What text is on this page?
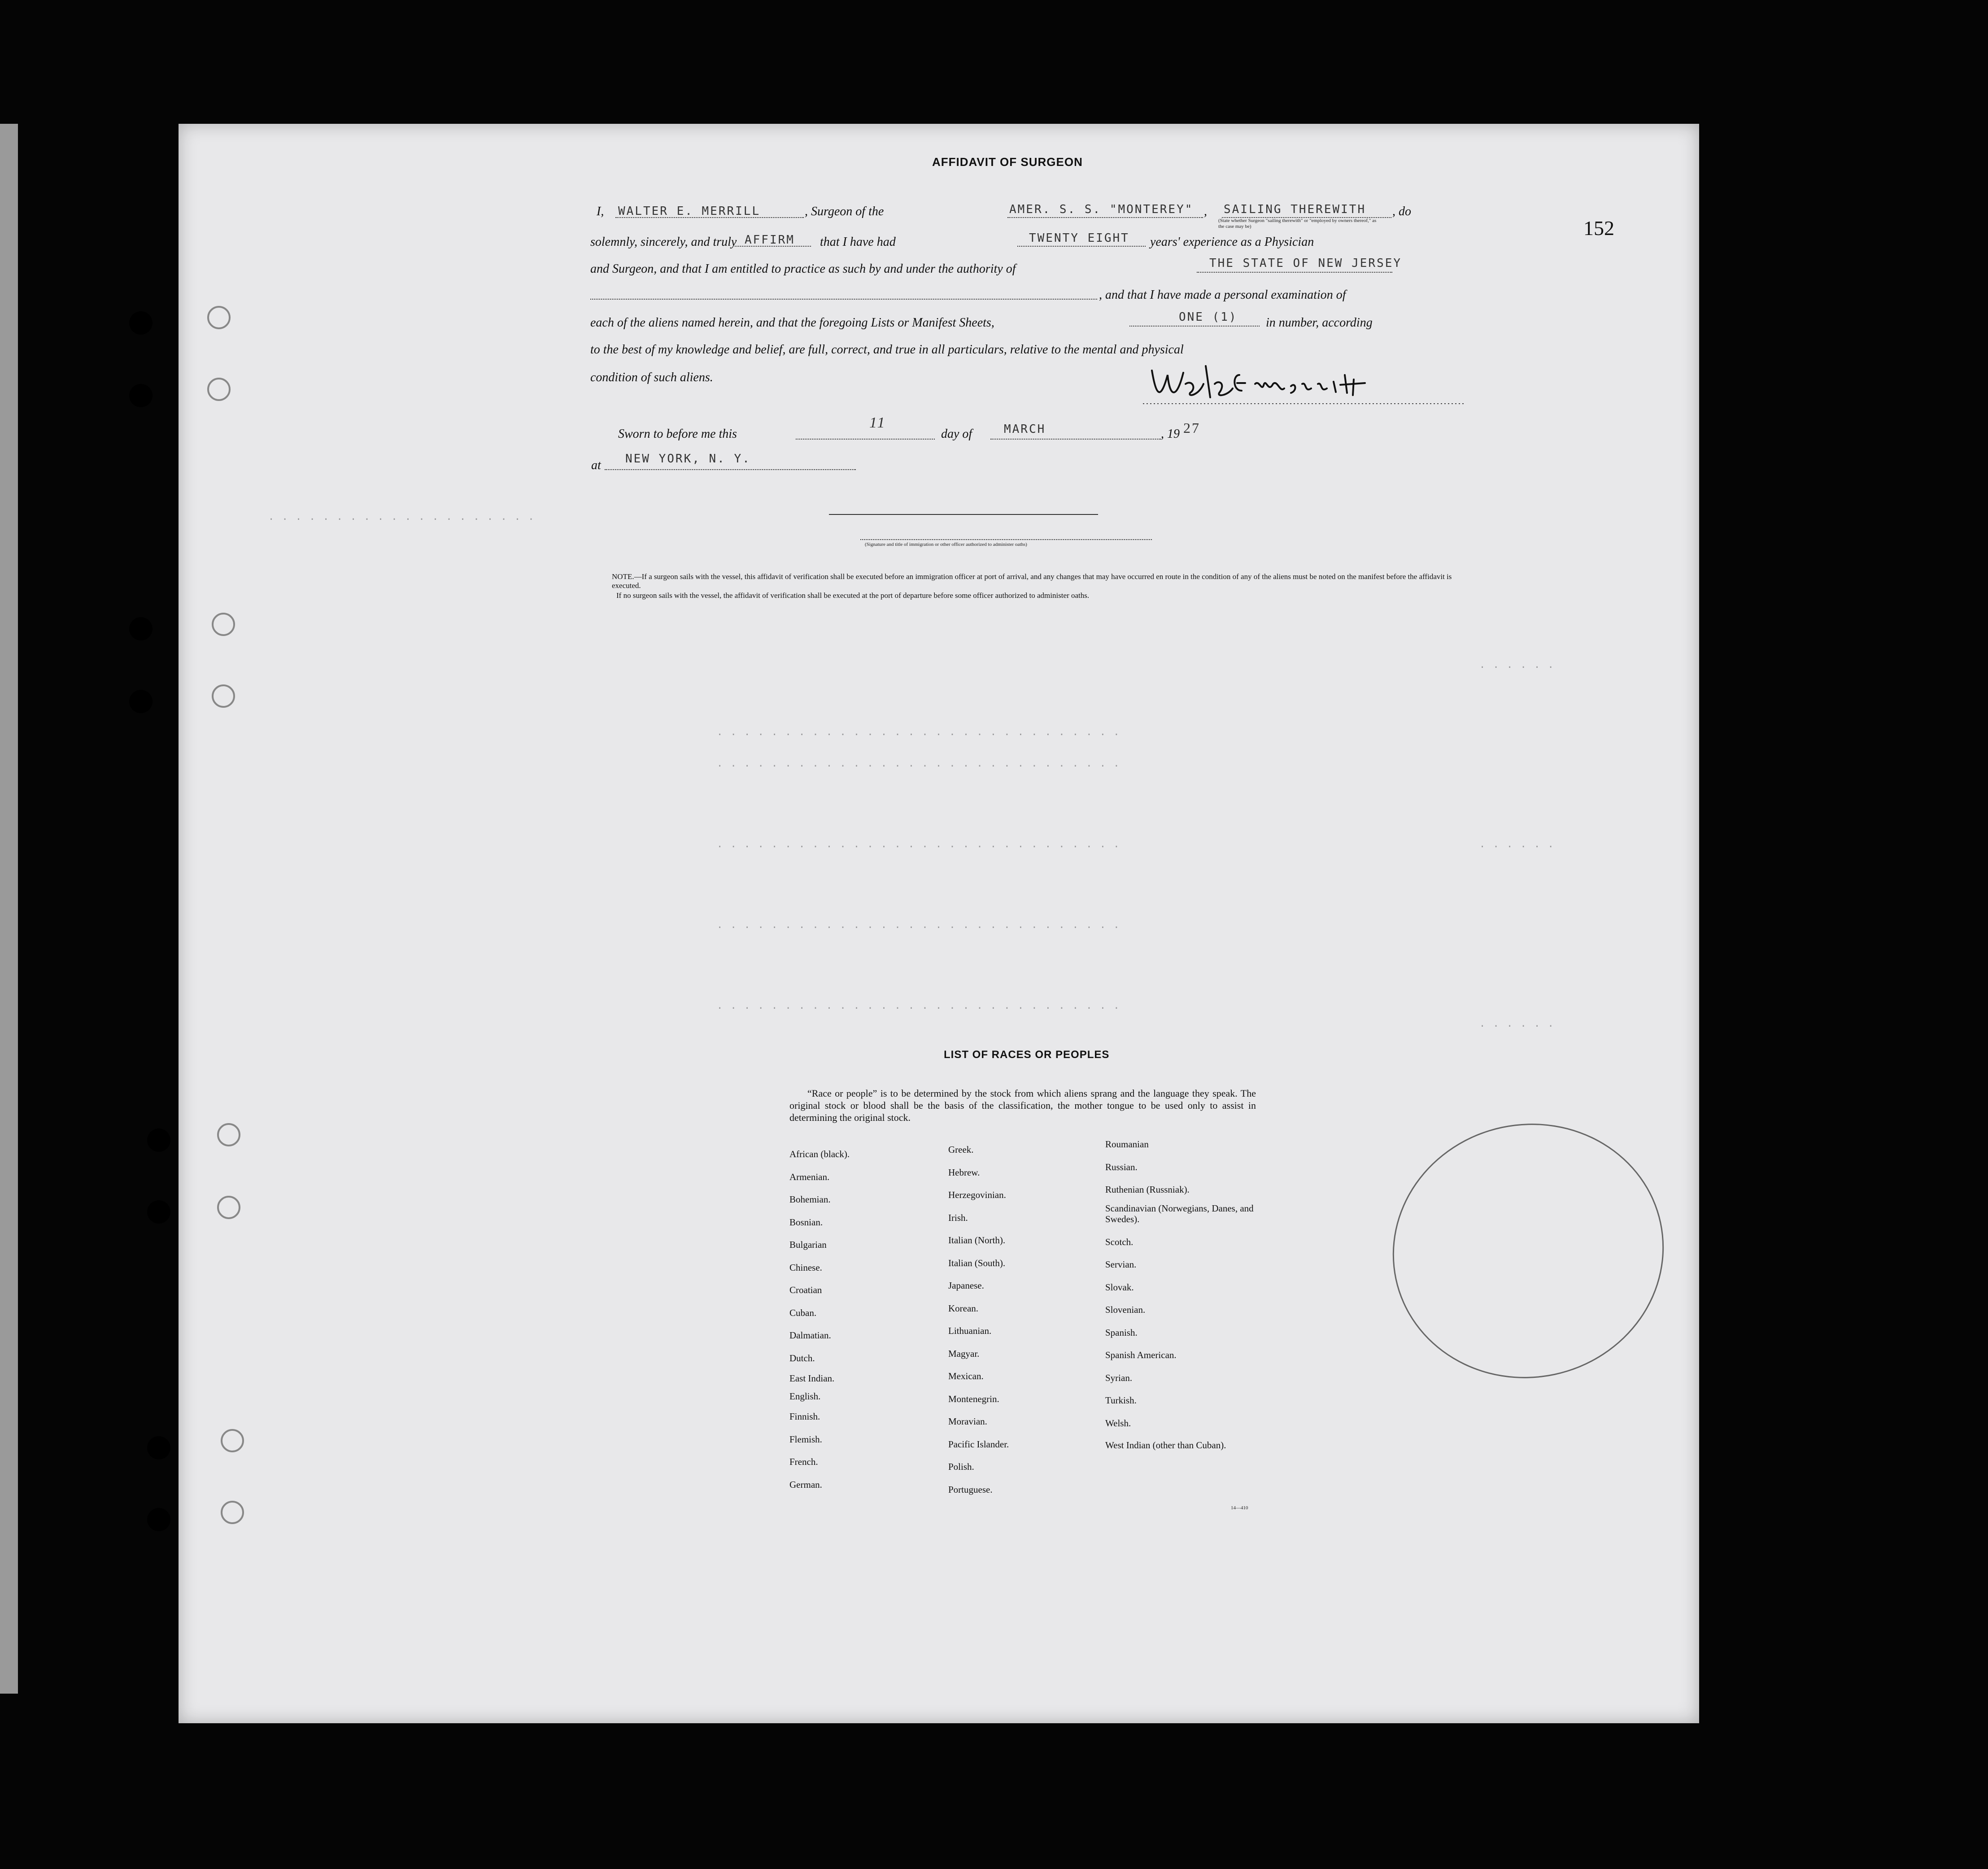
· · · · · · · · · · · · · · · · · · · ·
· · · · · · · · · · · · · · · · · · · · · · · · · · · · · ·
· · · · · · · · · · · · · · · · · · · · · · · · · · · · · ·
· · · · · · · · · · · · · · · · · · · · · · · · · · · · · ·
· · · · · · · · · · · · · · · · · · · · · · · · · · · · · ·
· · · · · · · · · · · · · · · · · · · · · · · · · · · · · ·
· · · · · ·
· · · · · ·
· · · · · ·
152
AFFIDAVIT OF SURGEON
I, WALTER E. MERRILL	, Surgeon of the	AMER. S. S. "MONTEREY" , SAILING THEREWITH , do
(State whether Surgeon "sailing therewith" or "employed by owners thereof," as the case may be)
solemnly, sincerely, and truly AFFIRM that I have had	TWENTY EIGHT years' experience as a Physician
and Surgeon, and that I am entitled to practice as such by and under the authority of	THE STATE OF NEW JERSEY
, and that I have made a personal examination of
each of the aliens named herein, and that the foregoing Lists or Manifest Sheets,	ONE (1) in number, according
to the best of my knowledge and belief, are full, correct, and true in all particulars, relative to the mental and physical
condition of such aliens.
Sworn to before me this
11
day of	MARCH	, 19 27
at NEW YORK, N. Y.
(Signature and title of immigration or other officer authorized to administer oaths)
NOTE.—If a surgeon sails with the vessel, this affidavit of verification shall be executed before an immigration officer at port of arrival, and any changes that may have occurred en route in the condition of any of the aliens must be noted on the manifest before the affidavit is executed.
If no surgeon sails with the vessel, the affidavit of verification shall be executed at the port of departure before some officer authorized to administer oaths.
LIST OF RACES OR PEOPLES
“Race or people” is to be determined by the stock from which aliens sprang and the language they speak. The original stock or blood shall be the basis of the classification, the mother tongue to be used only to assist in determining the original stock.
African (black).
Armenian.
Bohemian.
Bosnian.
Bulgarian
Chinese.
Croatian
Cuban.
Dalmatian.
Dutch.
East Indian.
English.
Finnish.
Flemish.
French.
German.
Greek.
Hebrew.
Herzegovinian.
Irish.
Italian (North).
Italian (South).
Japanese.
Korean.
Lithuanian.
Magyar.
Mexican.
Montenegrin.
Moravian.
Pacific Islander.
Polish.
Portuguese.
Roumanian
Russian.
Ruthenian (Russniak).
Scandinavian (Norwegians, Danes, and Swedes).
Scotch.
Servian.
Slovak.
Slovenian.
Spanish.
Spanish American.
Syrian.
Turkish.
Welsh.
West Indian (other than Cuban).
14—410
